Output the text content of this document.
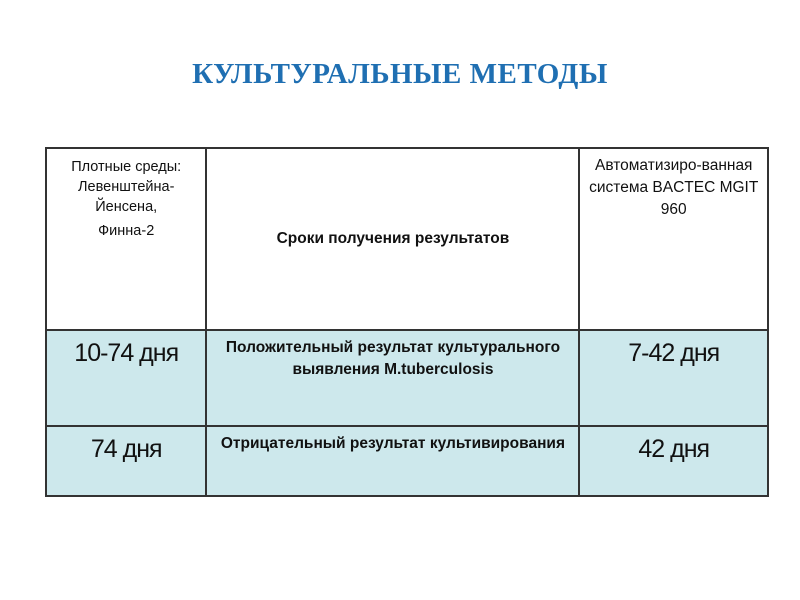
КУЛЬТУРАЛЬНЫЕ МЕТОДЫ
Плотные среды: Левенштейна-Йенсена,
Финна-2	Сроки получения результатов	Автоматизиро-ванная система BACTEC MGIT 960
10-74 дня	Положительный результат культурального выявления M.tuberculosis	7-42 дня
74 дня	Отрицательный результат культивирования	42 дня
